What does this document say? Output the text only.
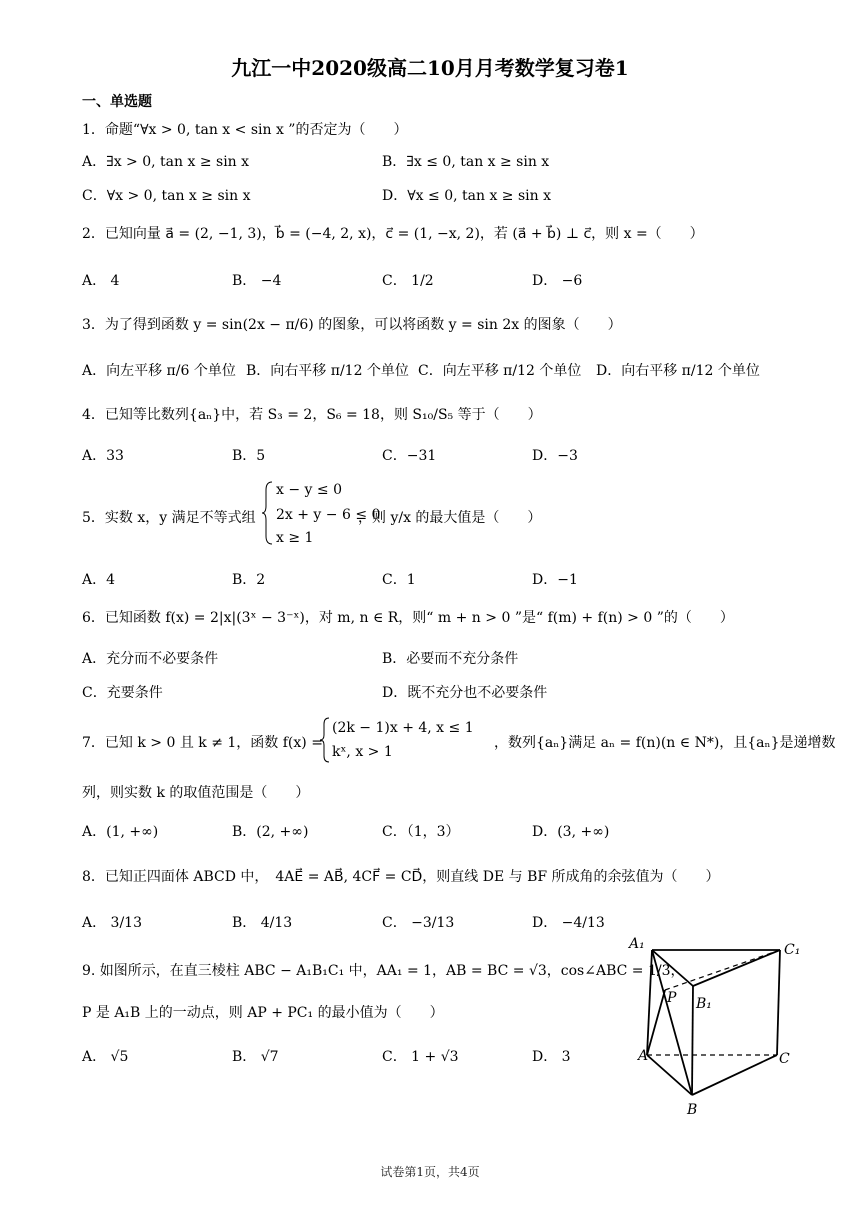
九江一中2020级高二10月月考数学复习卷1
一、单选题
1．命题“∀x > 0, tan x < sin x ”的否定为（　　）
A．∃x > 0, tan x ≥ sin x	B．∃x ≤ 0, tan x ≥ sin x
C．∀x > 0, tan x ≥ sin x	D．∀x ≤ 0, tan x ≥ sin x
2．已知向量 a⃗ = (2, −1, 3)，b⃗ = (−4, 2, x)，c⃗ = (1, −x, 2)，若 (a⃗ + b⃗) ⊥ c⃗，则 x =（　　）
A． 4	B． −4	C． 1/2	D． −6
3．为了得到函数 y = sin(2x − π/6) 的图象，可以将函数 y = sin 2x 的图象（　　）
A．向左平移 π/6 个单位 B．向右平移 π/12 个单位 C．向左平移 π/12 个单位 D．向右平移 π/12 个单位
4．已知等比数列{aₙ}中，若 S₃ = 2，S₆ = 18，则 S₁₀/S₅ 等于（　　）
A．33	B．5	C．−31	D．−3
5．实数 x，y 满足不等式组
x − y ≤ 0
2x + y − 6 ≤ 0
x ≥ 1
，则 y/x 的最大值是（　　）
A．4	B．2	C．1	D．−1
6．已知函数 f(x) = 2|x|(3ˣ − 3⁻ˣ)，对 m, n ∈ R，则“ m + n > 0 ”是“ f(m) + f(n) > 0 ”的（　　）
A．充分而不必要条件	B．必要而不充分条件
C．充要条件	D．既不充分也不必要条件
7．已知 k > 0 且 k ≠ 1，函数 f(x) =
(2k − 1)x + 4, x ≤ 1
kˣ, x > 1
，数列{aₙ}满足 aₙ = f(n)(n ∈ N*)，且{aₙ}是递增数
列，则实数 k 的取值范围是（　　）
A．(1, +∞)	B．(2, +∞)	C．（1，3）	D．(3, +∞)
8．已知正四面体 ABCD 中，　4AE⃗ = AB⃗, 4CF⃗ = CD⃗，则直线 DE 与 BF 所成角的余弦值为（　　）
A． 3/13	B． 4/13	C． −3/13	D． −4/13
9. 如图所示，在直三棱柱 ABC − A₁B₁C₁ 中，AA₁ = 1，AB = BC = √3，cos∠ABC = 1/3，
P 是 A₁B 上的一动点，则 AP + PC₁ 的最小值为（　　）
A． √5	B． √7	C． 1 + √3	D． 3
A₁	C₁
P B₁
A	C
B
试卷第1页，共4页
